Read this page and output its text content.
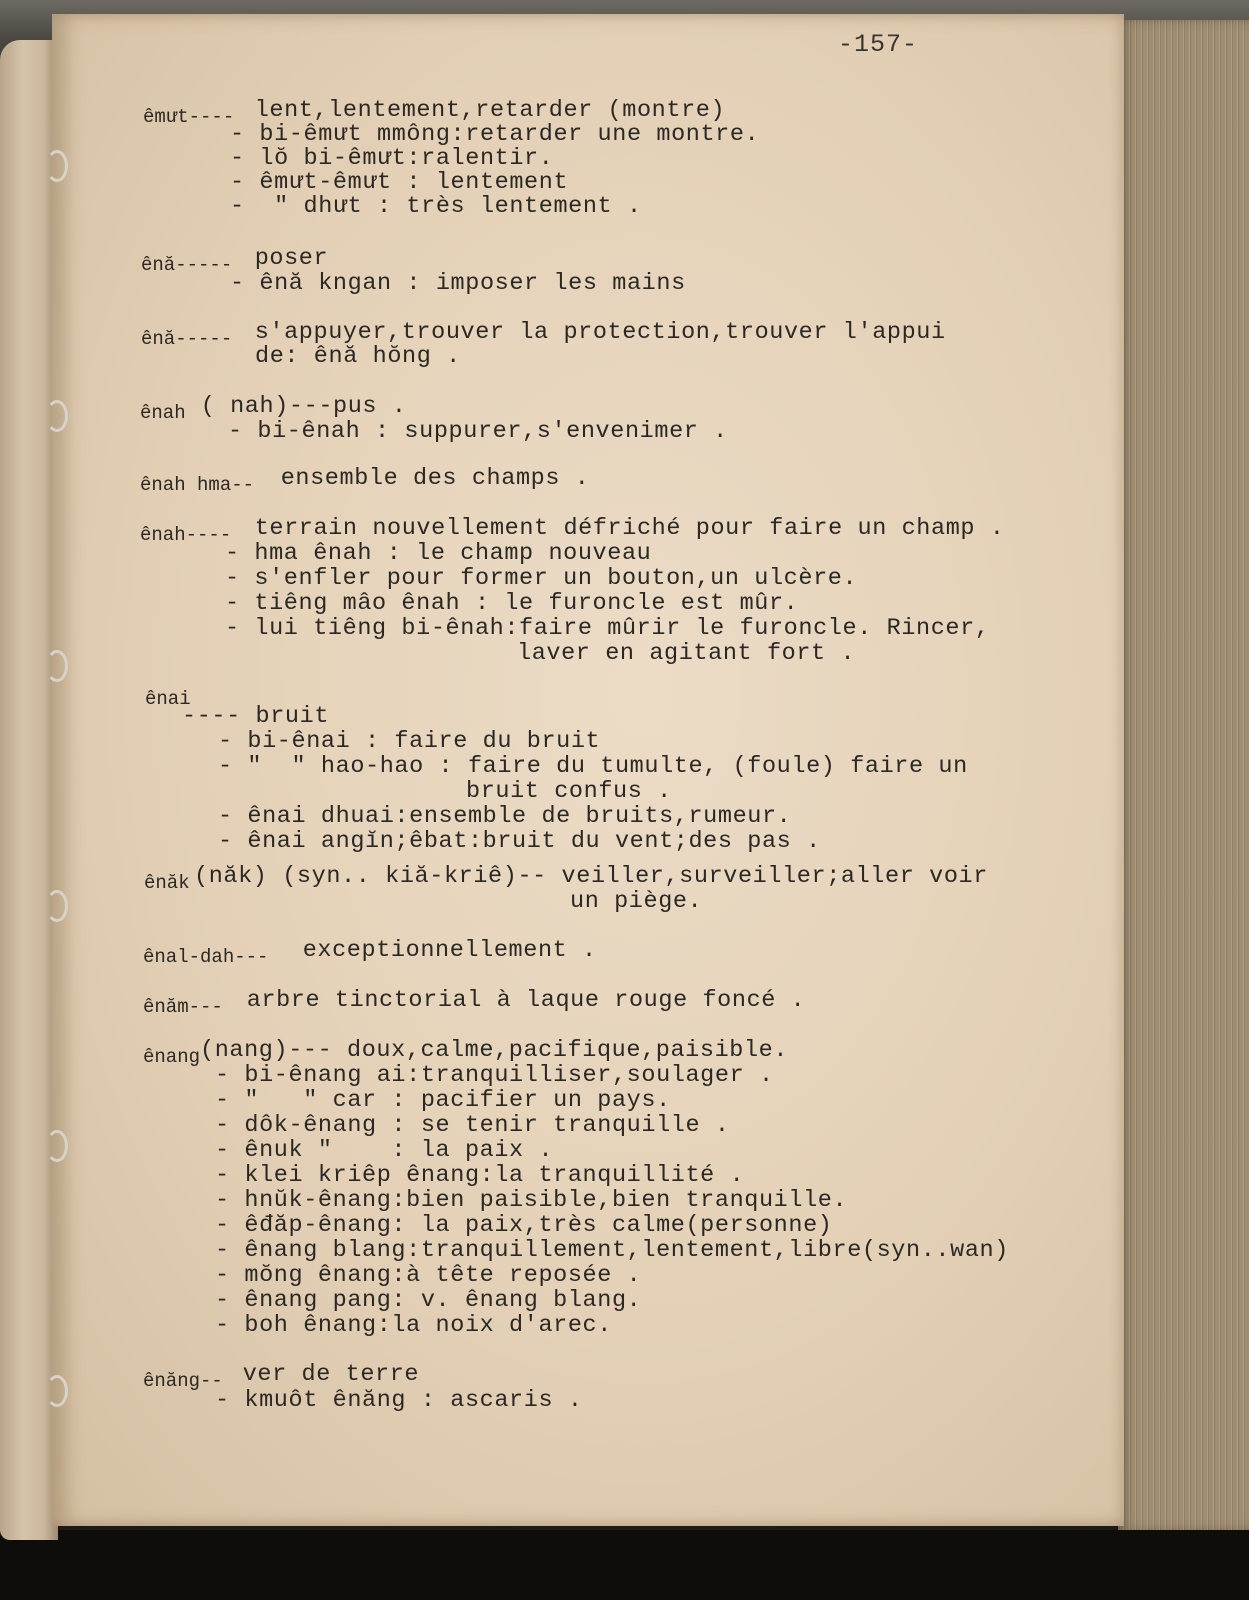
-157-
êmưt---- lent,lentement,retarder (montre)
- bi-êmưt mmông:retarder une montre.
- lŏ bi-êmưt:ralentir.
- êmưt-êmưt : lentement
-  " dhưt : très lentement .
ênă----- poser
- ênă kngan : imposer les mains
ênă----- s'appuyer,trouver la protection,trouver l'appui
de: ênă hŏng .
ênah ( nah)---pus .
- bi-ênah : suppurer,s'envenimer .
ênah hma-- ensemble des champs .
ênah---- terrain nouvellement défriché pour faire un champ .
- hma ênah : le champ nouveau
- s'enfler pour former un bouton,un ulcère.
- tiêng mâo ênah : le furoncle est mûr.
- lui tiêng bi-ênah:faire mûrir le furoncle. Rincer,
laver en agitant fort .
ênai
---- bruit
- bi-ênai : faire du bruit
- "  " hao-hao : faire du tumulte, (foule) faire un
bruit confus .
- ênai dhuai:ensemble de bruits,rumeur.
- ênai angĭn;êbat:bruit du vent;des pas .
ênăk (năk) (syn.. kiă-kriê)-- veiller,surveiller;aller voir
un piège.
ênal-dah--- exceptionnellement .
ênăm--- arbre tinctorial à laque rouge foncé .
ênang (nang)--- doux,calme,pacifique,paisible.
- bi-ênang ai:tranquilliser,soulager .
- "   " car : pacifier un pays.
- dôk-ênang : se tenir tranquille .
- ênuk "    : la paix .
- klei kriêp ênang:la tranquillité .
- hnŭk-ênang:bien paisible,bien tranquille.
- êđăp-ênang: la paix,très calme(personne)
- ênang blang:tranquillement,lentement,libre(syn..wan)
- mŏng ênang:à tête reposée .
- ênang pang: v. ênang blang.
- boh ênang:la noix d'arec.
ênăng-- ver de terre
- kmuôt ênăng : ascaris .
